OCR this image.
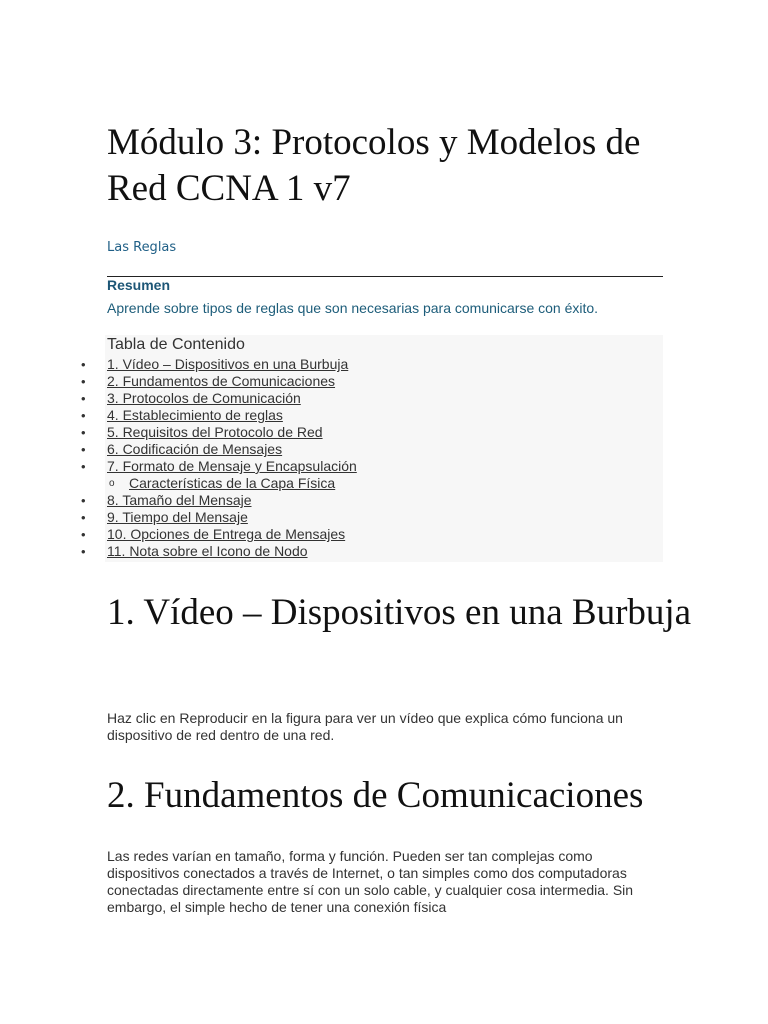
Módulo 3: Protocolos y Modelos de Red CCNA 1 v7

Las Reglas

Resumen

Aprende sobre tipos de reglas que son necesarias para comunicarse con éxito.

Tabla de Contenido

• 1. Vídeo – Dispositivos en una Burbuja
• 2. Fundamentos de Comunicaciones
• 3. Protocolos de Comunicación
• 4. Establecimiento de reglas
• 5. Requisitos del Protocolo de Red
• 6. Codificación de Mensajes
• 7. Formato de Mensaje y Encapsulación
o Características de la Capa Física
• 8. Tamaño del Mensaje
• 9. Tiempo del Mensaje
• 10. Opciones de Entrega de Mensajes
• 11. Nota sobre el Icono de Nodo
1. Vídeo – Dispositivos en una Burbuja

Haz clic en Reproducir en la figura para ver un vídeo que explica cómo funciona un dispositivo de red dentro de una red.

2. Fundamentos de Comunicaciones

Las redes varían en tamaño, forma y función. Pueden ser tan complejas como dispositivos conectados a través de Internet, o tan simples como dos computadoras conectadas directamente entre sí con un solo cable, y cualquier cosa intermedia. Sin embargo, el simple hecho de tener una conexión física
